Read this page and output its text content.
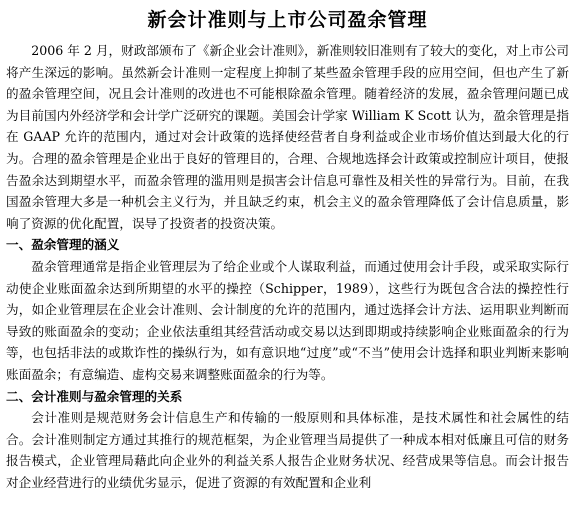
新会计准则与上市公司盈余管理

2006 年 2 月，财政部颁布了《新企业会计准则》，新准则较旧准则有了较大的变化，对上市公司将产生深远的影响。虽然新会计准则一定程度上抑制了某些盈余管理手段的应用空间，但也产生了新的盈余管理空间，况且会计准则的改进也不可能根除盈余管理。随着经济的发展，盈余管理问题已成为目前国内外经济学和会计学广泛研究的课题。美国会计学家 William K Scott 认为，盈余管理是指在 GAAP 允许的范围内，通过对会计政策的选择使经营者自身利益或企业市场价值达到最大化的行为。合理的盈余管理是企业出于良好的管理目的，合理、合规地选择会计政策或控制应计项目，使报告盈余达到期望水平，而盈余管理的滥用则是损害会计信息可靠性及相关性的异常行为。目前，在我国盈余管理大多是一种机会主义行为，并且缺乏约束，机会主义的盈余管理降低了会计信息质量，影响了资源的优化配置，误导了投资者的投资决策。

一、盈余管理的涵义

盈余管理通常是指企业管理层为了给企业或个人谋取利益，而通过使用会计手段，或采取实际行动使企业账面盈余达到所期望的水平的操控（Schipper，1989），这些行为既包含合法的操控性行为，如企业管理层在企业会计准则、会计制度的允许的范围内，通过选择会计方法、运用职业判断而导致的账面盈余的变动；企业依法重组其经营活动或交易以达到即期或持续影响企业账面盈余的行为等，也包括非法的或欺诈性的操纵行为，如有意识地“过度”或“不当”使用会计选择和职业判断来影响账面盈余；有意编造、虚构交易来调整账面盈余的行为等。

二、会计准则与盈余管理的关系

会计准则是规范财务会计信息生产和传输的一般原则和具体标准，是技术属性和社会属性的结合。会计准则制定方通过其推行的规范框架，为企业管理当局提供了一种成本相对低廉且可信的财务报告模式，企业管理局藉此向企业外的利益关系人报告企业财务状况、经营成果等信息。而会计报告对企业经营进行的业绩优劣显示，促进了资源的有效配置和企业利
